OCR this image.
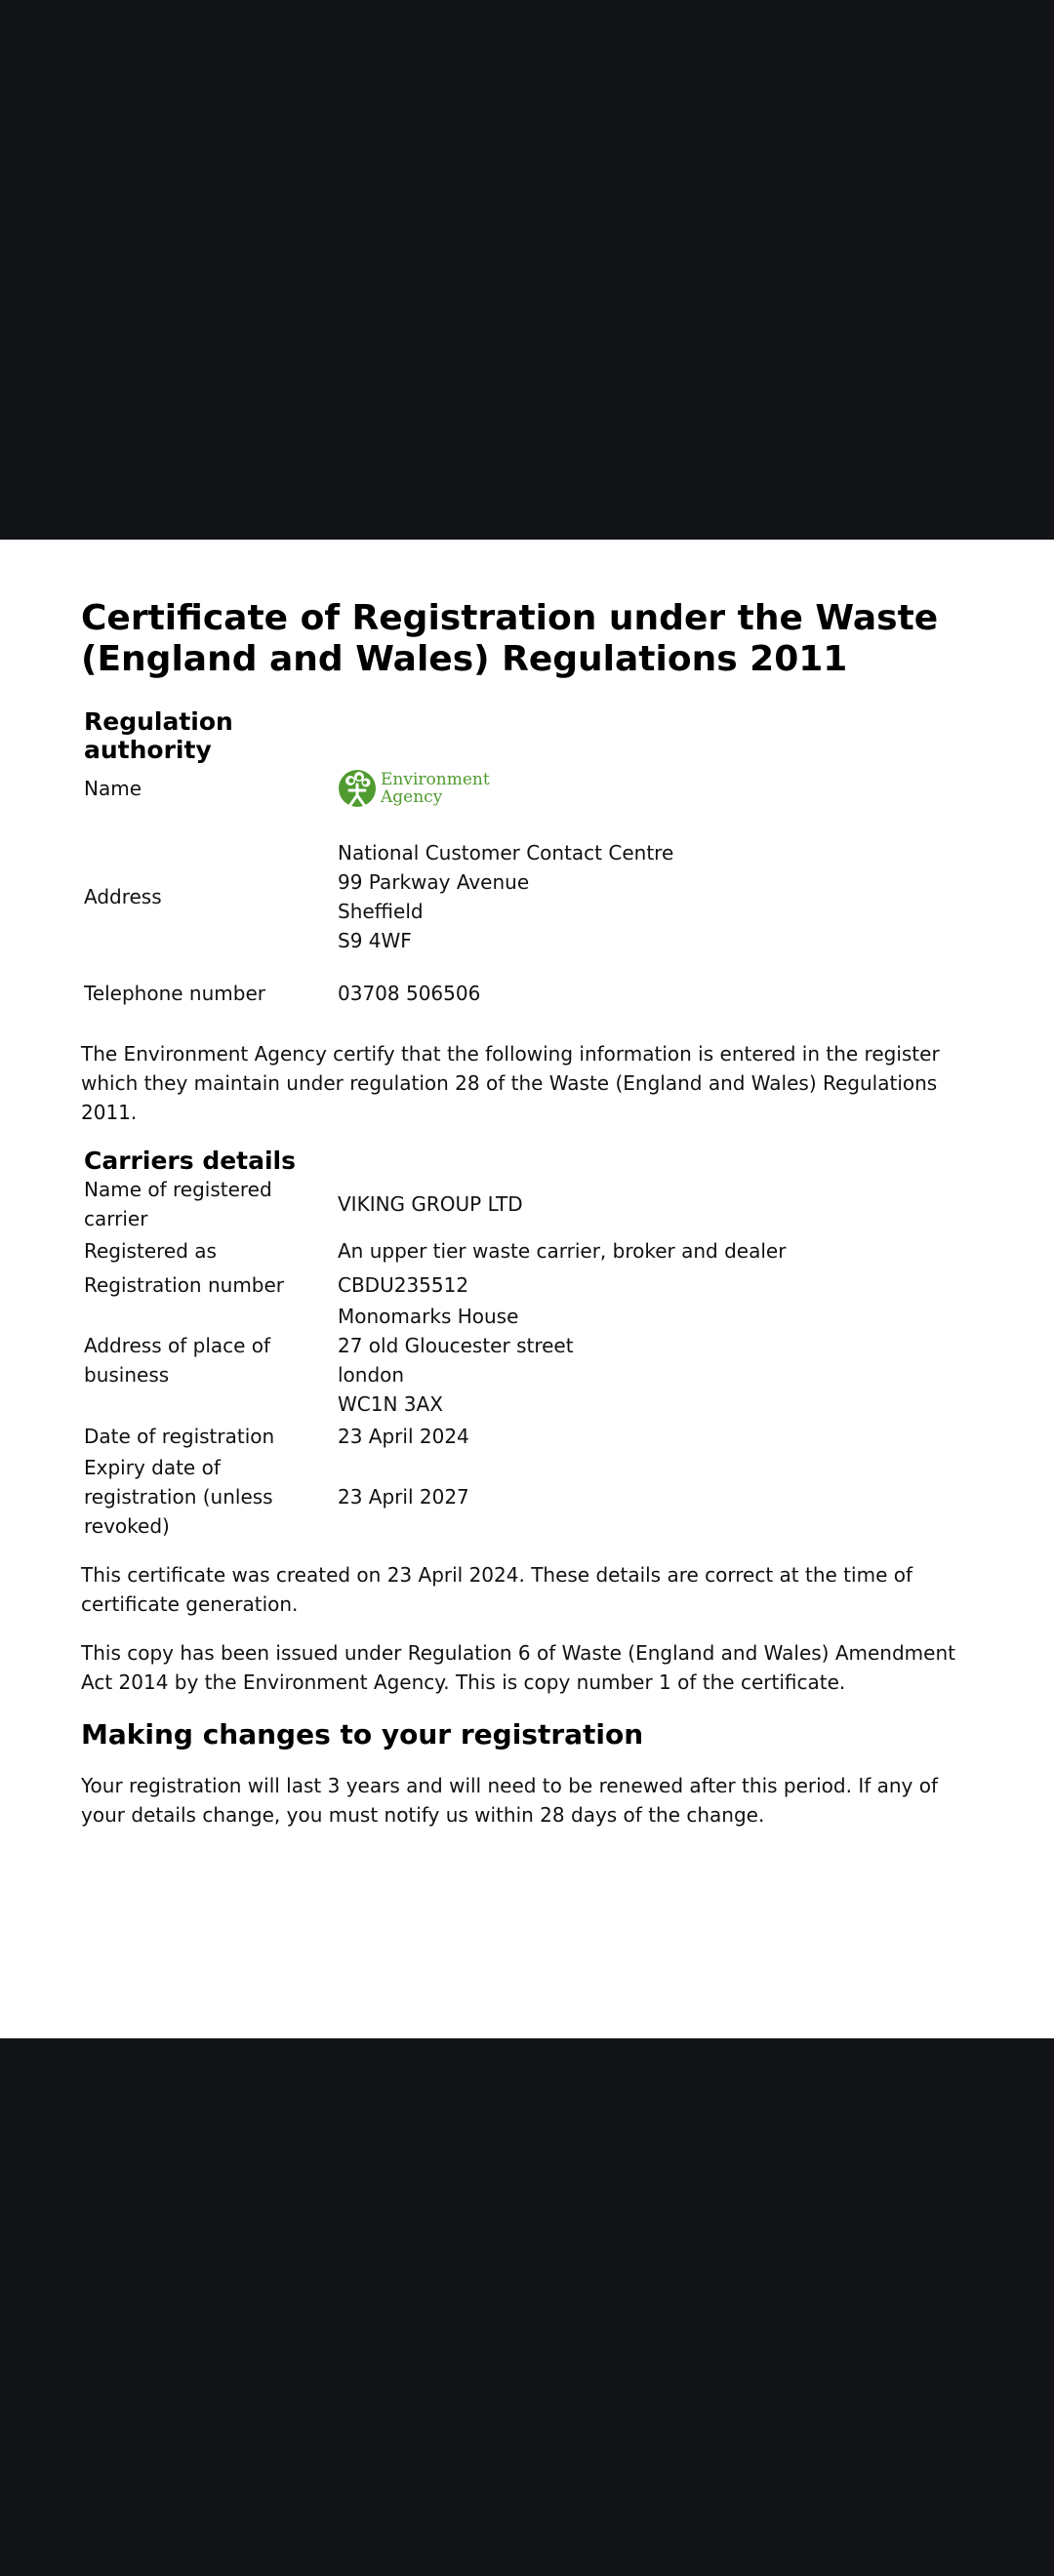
Certificate of Registration under the Waste
(England and Wales) Regulations 2011
Regulation
authority
Name	Environment
Agency

Address	National Customer Contact Centre
99 Parkway Avenue
Sheffield
S9 4WF

Telephone number	03708 506506

The Environment Agency certify that the following information is entered in the register which they maintain under regulation 28 of the Waste (England and Wales) Regulations 2011.

Carriers details
Name of registered
carrier	VIKING GROUP LTD
Registered as	An upper tier waste carrier, broker and dealer
Registration number	CBDU235512
Address of place of
business	Monomarks House
27 old Gloucester street
london
WC1N 3AX
Date of registration	23 April 2024
Expiry date of
registration (unless
revoked)	23 April 2027

This certificate was created on 23 April 2024. These details are correct at the time of certificate generation.

This copy has been issued under Regulation 6 of Waste (England and Wales) Amendment Act 2014 by the Environment Agency. This is copy number 1 of the certificate.

Making changes to your registration

Your registration will last 3 years and will need to be renewed after this period. If any of your details change, you must notify us within 28 days of the change.
